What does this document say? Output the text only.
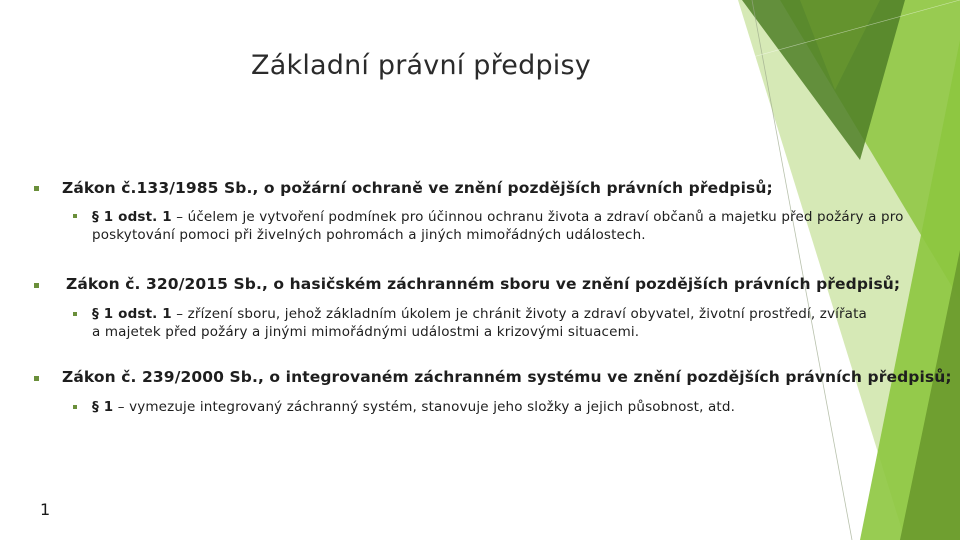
Základní právní předpisy
Zákon č.133/1985 Sb., o požární ochraně ve znění pozdějších právních předpisů;
§ 1 odst. 1 – účelem je vytvoření podmínek pro účinnou ochranu života a zdraví občanů a majetku před požáry a pro poskytování pomoci při živelných pohromách a jiných mimořádných událostech.
Zákon č. 320/2015 Sb., o hasičském záchranném sboru ve znění pozdějších právních předpisů;
§ 1 odst. 1 – zřízení sboru, jehož základním úkolem je chránit životy a zdraví obyvatel, životní prostředí, zvířata a majetek před požáry a jinými mimořádnými událostmi a krizovými situacemi.
Zákon č. 239/2000 Sb., o integrovaném záchranném systému ve znění pozdějších právních předpisů;
§ 1 – vymezuje integrovaný záchranný systém, stanovuje jeho složky a jejich působnost, atd.
1
